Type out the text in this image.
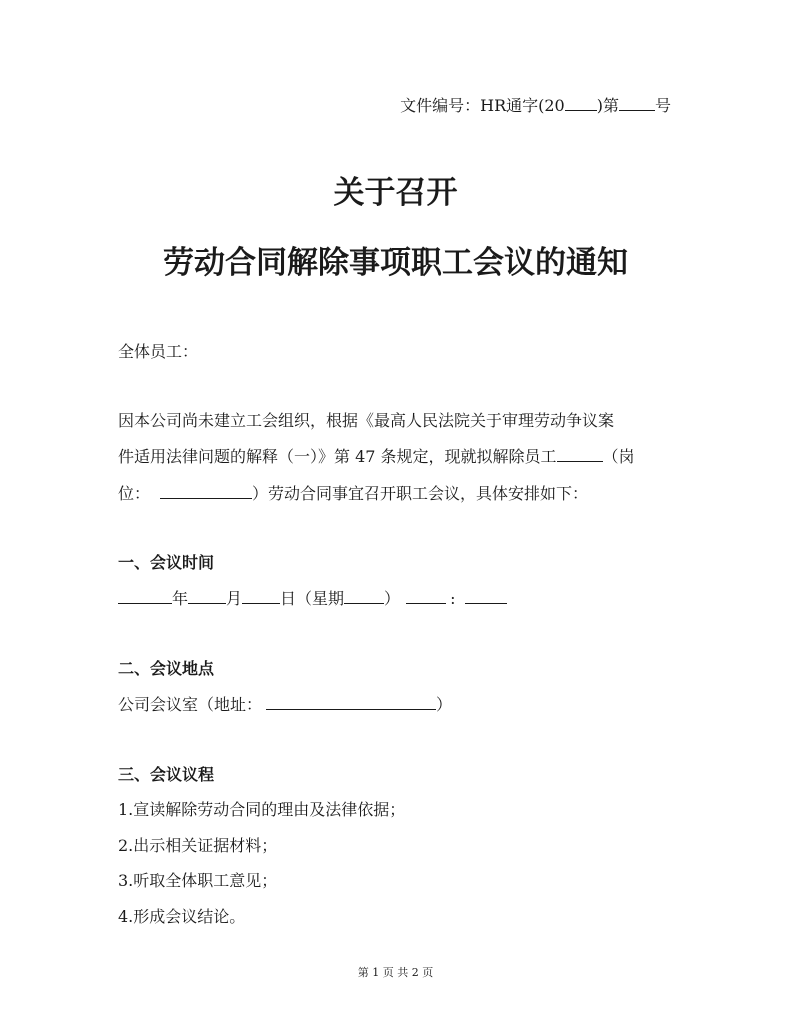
文件编号：HR通字(20 )第 号
关于召开
劳动合同解除事项职工会议的通知
全体员工：
因本公司尚未建立工会组织，根据《最高人民法院关于审理劳动争议案
件适用法律问题的解释（一）》第 47 条规定，现就拟解除员工	（岗
位：	）劳动合同事宜召开职工会议，具体安排如下：
一、会议时间
年 月 日（星期	）	:
二、会议地点
公司会议室（地址：	）
三、会议议程
1.宣读解除劳动合同的理由及法律依据；
2.出示相关证据材料；
3.听取全体职工意见；
4.形成会议结论。
第 1 页 共 2 页
